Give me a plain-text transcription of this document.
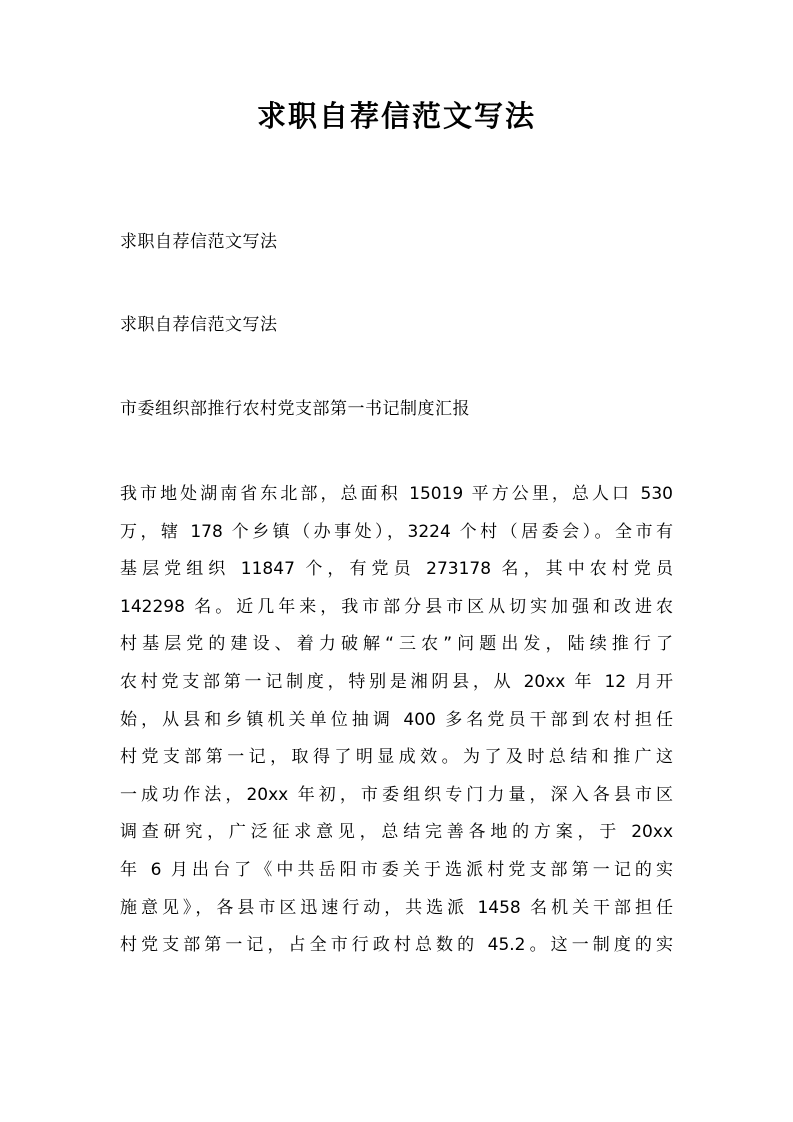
求职自荐信范文写法

求职自荐信范文写法

求职自荐信范文写法

市委组织部推行农村党支部第一书记制度汇报

我市地处湖南省东北部，总面积 15019 平方公里，总人口 530
万，辖 178 个乡镇（办事处），3224 个村（居委会）。全市有
基层党组织 11847 个，有党员 273178 名，其中农村党员
142298 名。近几年来，我市部分县市区从切实加强和改进农
村基层党的建设、着力破解“三农”问题出发，陆续推行了
农村党支部第一记制度，特别是湘阴县，从 20xx 年 12 月开
始，从县和乡镇机关单位抽调 400 多名党员干部到农村担任
村党支部第一记，取得了明显成效。为了及时总结和推广这
一成功作法，20xx 年初，市委组织专门力量，深入各县市区
调查研究，广泛征求意见，总结完善各地的方案，于 20xx
年 6 月出台了《中共岳阳市委关于选派村党支部第一记的实
施意见》，各县市区迅速行动，共选派 1458 名机关干部担任
村党支部第一记，占全市行政村总数的 45.2。这一制度的实
